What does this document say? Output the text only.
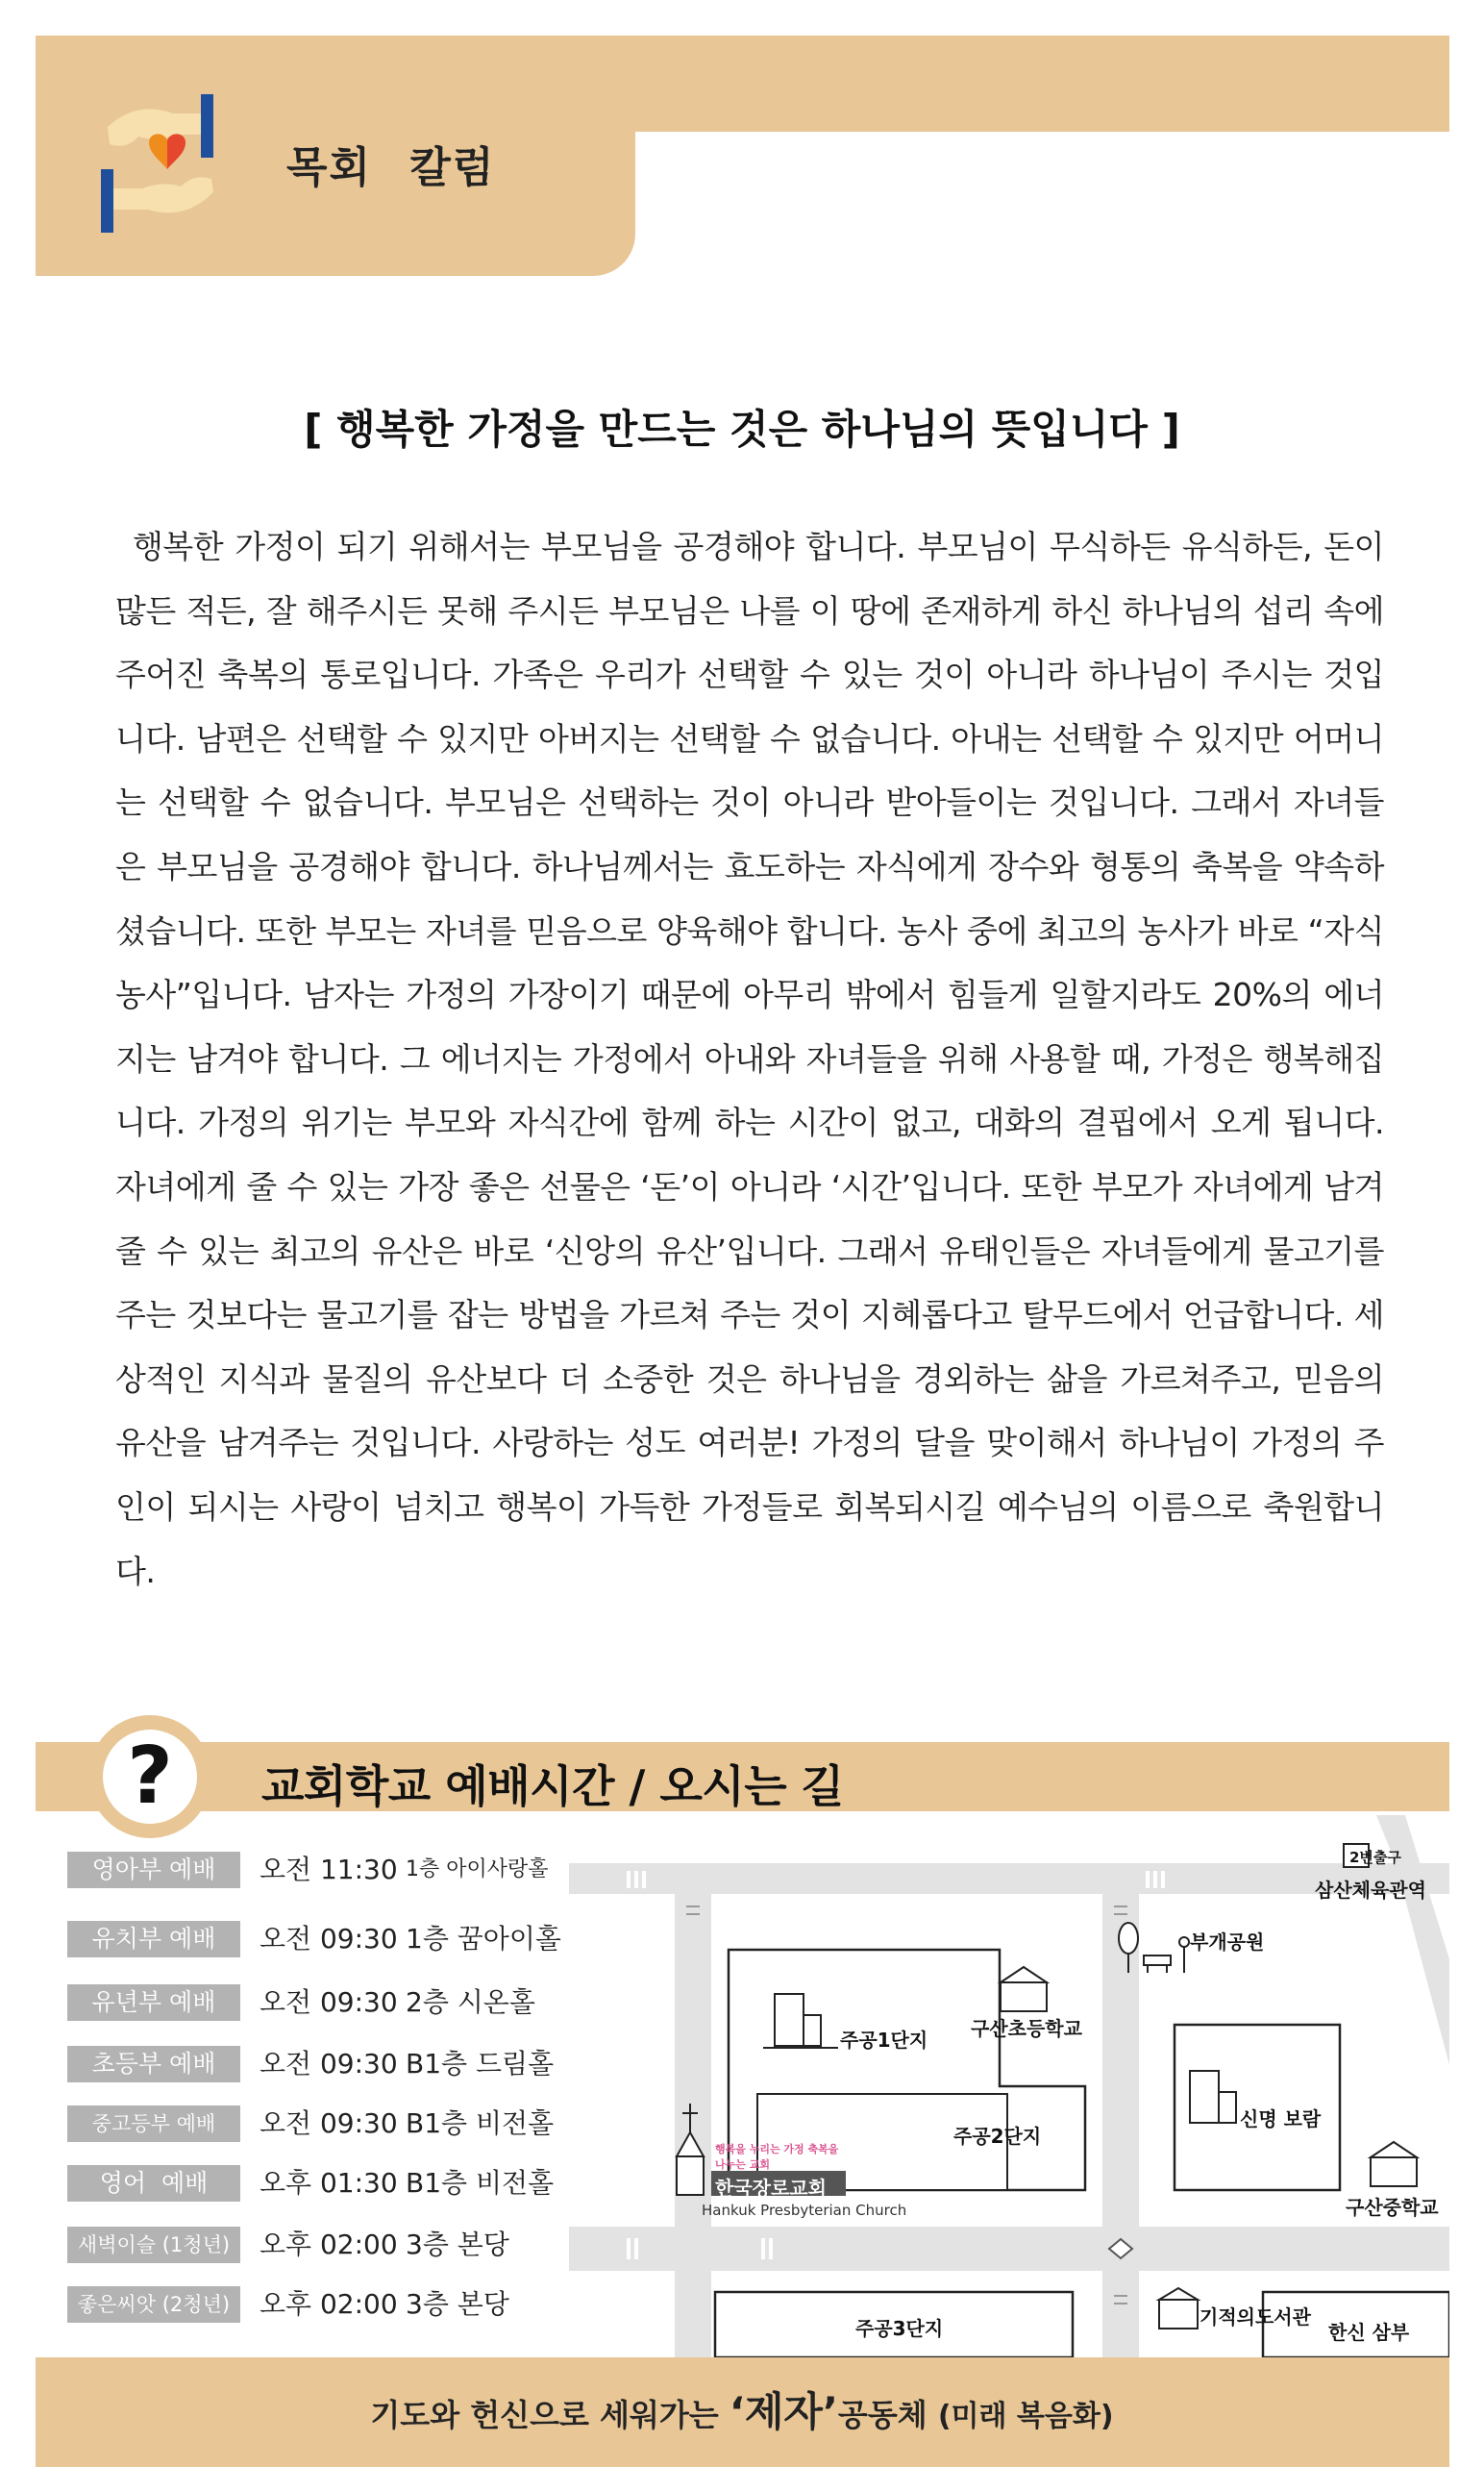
목회 칼럼
[ 행복한 가정을 만드는 것은 하나님의 뜻입니다 ]
행복한 가정이 되기 위해서는 부모님을 공경해야 합니다. 부모님이 무식하든 유식하든, 돈이 많든 적든, 잘 해주시든 못해 주시든 부모님은 나를 이 땅에 존재하게 하신 하나님의 섭리 속에 주어진 축복의 통로입니다. 가족은 우리가 선택할 수 있는 것이 아니라 하나님이 주시는 것입니다. 남편은 선택할 수 있지만 아버지는 선택할 수 없습니다. 아내는 선택할 수 있지만 어머니는 선택할 수 없습니다. 부모님은 선택하는 것이 아니라 받아들이는 것입니다. 그래서 자녀들은 부모님을 공경해야 합니다. 하나님께서는 효도하는 자식에게 장수와 형통의 축복을 약속하셨습니다. 또한 부모는 자녀를 믿음으로 양육해야 합니다. 농사 중에 최고의 농사가 바로 “자식농사”입니다. 남자는 가정의 가장이기 때문에 아무리 밖에서 힘들게 일할지라도 20%의 에너지는 남겨야 합니다. 그 에너지는 가정에서 아내와 자녀들을 위해 사용할 때, 가정은 행복해집니다. 가정의 위기는 부모와 자식간에 함께 하는 시간이 없고, 대화의 결핍에서 오게 됩니다. 자녀에게 줄 수 있는 가장 좋은 선물은 ‘돈’이 아니라 ‘시간’입니다. 또한 부모가 자녀에게 남겨 줄 수 있는 최고의 유산은 바로 ‘신앙의 유산’입니다. 그래서 유태인들은 자녀들에게 물고기를 주는 것보다는 물고기를 잡는 방법을 가르쳐 주는 것이 지혜롭다고 탈무드에서 언급합니다. 세상적인 지식과 물질의 유산보다 더 소중한 것은 하나님을 경외하는 삶을 가르쳐주고, 믿음의 유산을 남겨주는 것입니다. 사랑하는 성도 여러분! 가정의 달을 맞이해서 하나님이 가정의 주인이 되시는 사랑이 넘치고 행복이 가득한 가정들로 회복되시길 예수님의 이름으로 축원합니다.
?	교회학교 예배시간 / 오시는 길
영아부 예배	오전 11:30 1층 아이사랑홀
유치부 예배	오전 09:30 1층 꿈아이홀
유년부 예배	오전 09:30 2층 시온홀
초등부 예배	오전 09:30 B1층 드림홀
중고등부 예배	오전 09:30 B1층 비전홀
영어  예배	오후 01:30 B1층 비전홀
새벽이슬 (1청년)	오후 02:00 3층 본당
좋은씨앗 (2청년)	오후 02:00 3층 본당
2번출구
삼산체육관역
부개공원
구산초등학교
주공1단지
주공2단지
신명 보람
구산중학교
주공3단지	기적의도서관
한신 삼부
행복을 누리는 가정 축복을 나누는 교회
한국장로교회
Hankuk Presbyterian Church
기도와 헌신으로 세워가는 ‘제자’공동체 (미래 복음화)
